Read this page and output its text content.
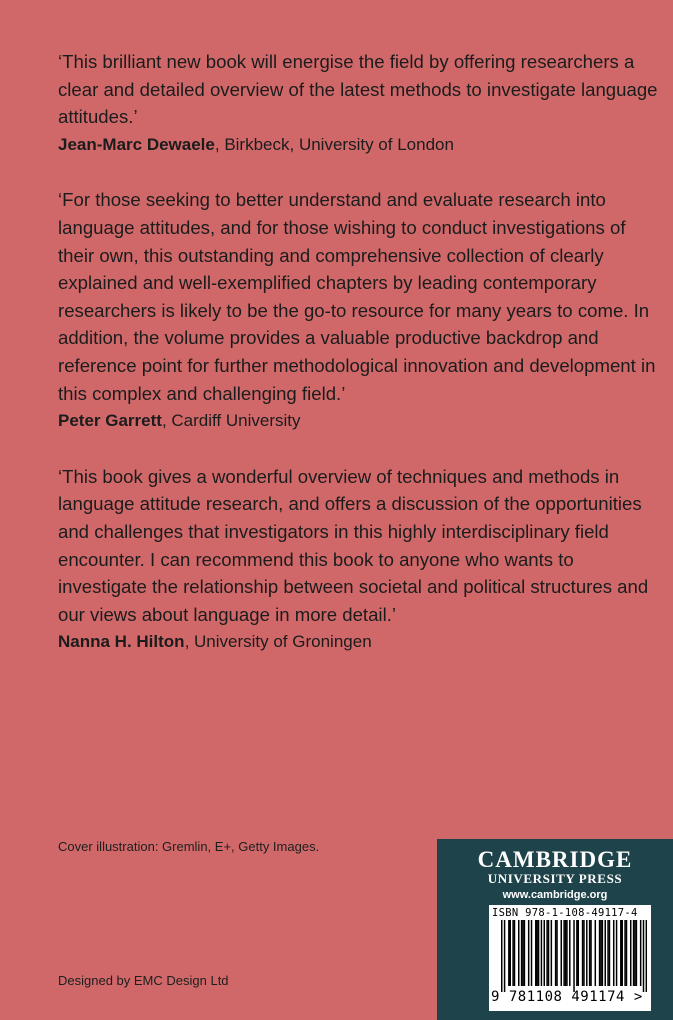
‘This brilliant new book will energise the field by offering researchers a clear and detailed overview of the latest methods to investigate language attitudes.’
Jean-Marc Dewaele, Birkbeck, University of London

‘For those seeking to better understand and evaluate research into language attitudes, and for those wishing to conduct investigations of their own, this outstanding and comprehensive collection of clearly explained and well-exemplified chapters by leading contemporary researchers is likely to be the go-to resource for many years to come. In addition, the volume provides a valuable productive backdrop and reference point for further methodological innovation and development in this complex and challenging field.’
Peter Garrett, Cardiff University

‘This book gives a wonderful overview of techniques and methods in language attitude research, and offers a discussion of the opportunities and challenges that investigators in this highly interdisciplinary field encounter. I can recommend this book to anyone who wants to investigate the relationship between societal and political structures and our views about language in more detail.’
Nanna H. Hilton, University of Groningen

Cover illustration: Gremlin, E+, Getty Images.
Designed by EMC Design Ltd
CAMBRIDGE
UNIVERSITY PRESS
www.cambridge.org
ISBN 978-1-108-49117-4
9 781108 491174 >
